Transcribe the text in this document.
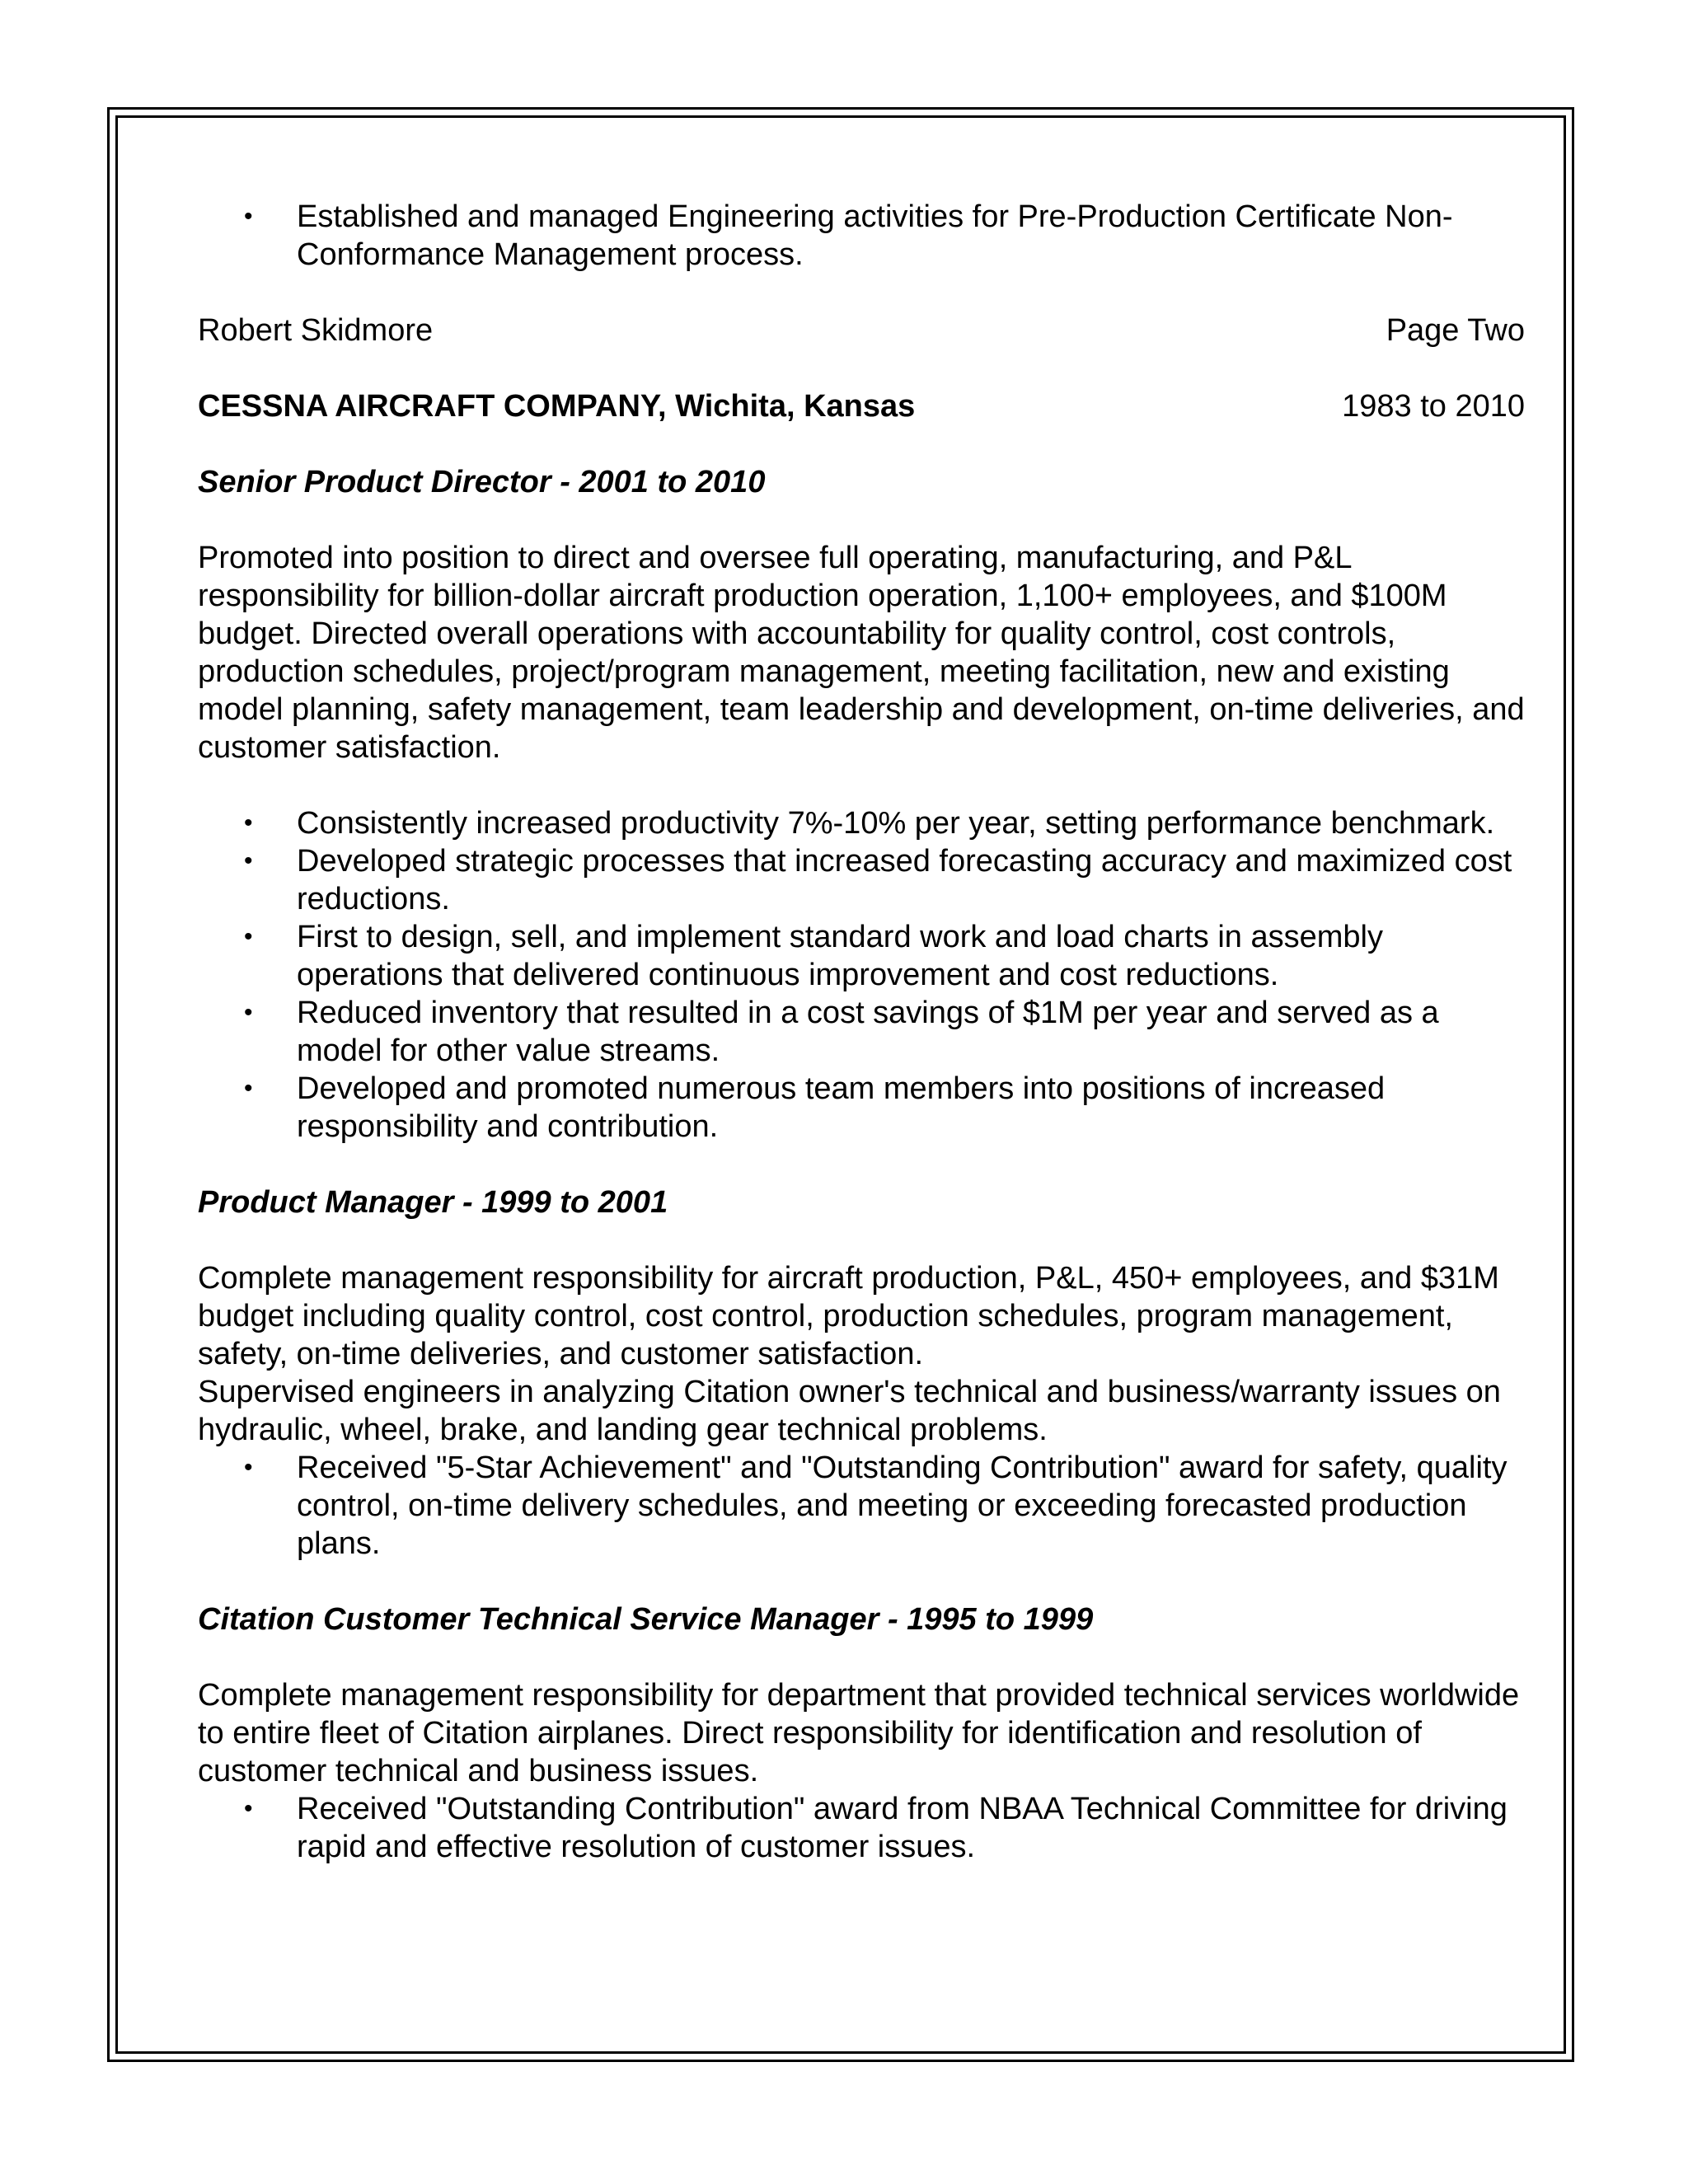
• Established and managed Engineering activities for Pre-Production Certificate Non-Conformance Management process.
Robert Skidmore	Page Two
CESSNA AIRCRAFT COMPANY, Wichita, Kansas	1983 to 2010

Senior Product Director - 2001 to 2010

Promoted into position to direct and oversee full operating, manufacturing, and P&L responsibility for billion-dollar aircraft production operation, 1,100+ employees, and $100M budget. Directed overall operations with accountability for quality control, cost controls, production schedules, project/program management, meeting facilitation, new and existing model planning, safety management, team leadership and development, on-time deliveries, and customer satisfaction.

• Consistently increased productivity 7%-10% per year, setting performance benchmark.
• Developed strategic processes that increased forecasting accuracy and maximized cost reductions.
• First to design, sell, and implement standard work and load charts in assembly operations that delivered continuous improvement and cost reductions.
• Reduced inventory that resulted in a cost savings of $1M per year and served as a model for other value streams.
• Developed and promoted numerous team members into positions of increased responsibility and contribution.

Product Manager - 1999 to 2001

Complete management responsibility for aircraft production, P&L, 450+ employees, and $31M budget including quality control, cost control, production schedules, program management, safety, on-time deliveries, and customer satisfaction.

Supervised engineers in analyzing Citation owner's technical and business/warranty issues on hydraulic, wheel, brake, and landing gear technical problems.

• Received "5-Star Achievement" and "Outstanding Contribution" award for safety, quality control, on-time delivery schedules, and meeting or exceeding forecasted production plans.

Citation Customer Technical Service Manager - 1995 to 1999

Complete management responsibility for department that provided technical services worldwide to entire fleet of Citation airplanes. Direct responsibility for identification and resolution of customer technical and business issues.

• Received "Outstanding Contribution" award from NBAA Technical Committee for driving rapid and effective resolution of customer issues.
